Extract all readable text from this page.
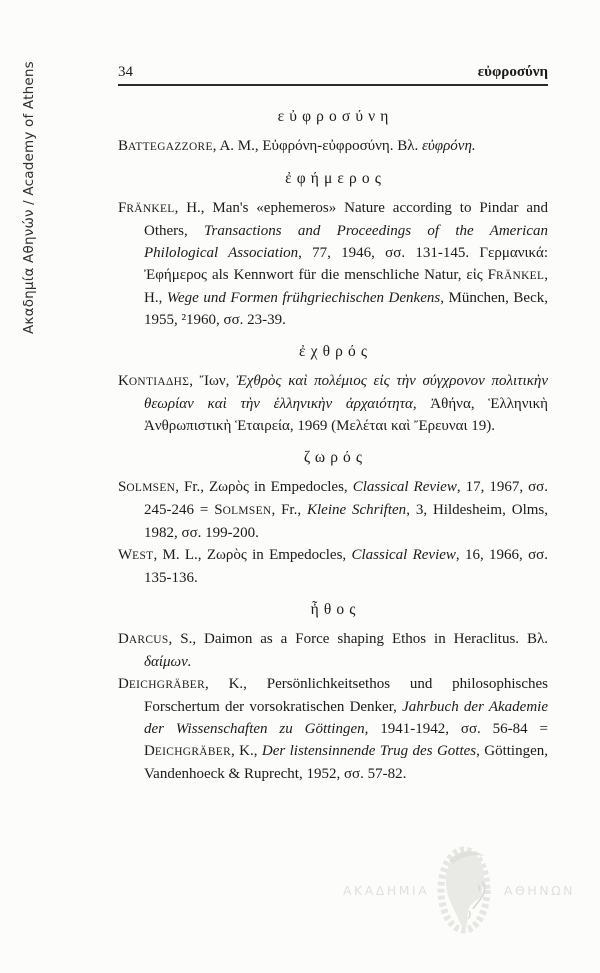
Ακαδημία Αθηνών / Academy of Athens	34	εὐφροσύνη
εὐφροσύνη

BATTEGAZZORE, A. M., Εὐφρόνη-εὐφροσύνη. Βλ. εὐφρόνη.

ἐφήμερος

FRÄNKEL, H., Man's «ephemeros» Nature according to Pindar and Others, Transactions and Proceedings of the American Philological Association, 77, 1946, σσ. 131-145. Γερμανικά: Ἐφήμερος als Kennwort für die menschliche Natur, εἰς FRÄNKEL, H., Wege und Formen frühgriechischen Denkens, München, Beck, 1955, ²1960, σσ. 23-39.

ἐχθρός

ΚΟΝΤΙΑΔΗΣ, Ἴων, Ἐχθρὸς καὶ πολέμιος εἰς τὴν σύγχρονον πολιτικὴν θεωρίαν καὶ τὴν ἑλληνικὴν ἀρχαιότητα, Ἀθήνα, Ἑλληνικὴ Ἀνθρωπιστικὴ Ἑταιρεία, 1969 (Μελέται καὶ Ἔρευναι 19).

ζωρός

SOLMSEN, Fr., Ζωρὸς in Empedocles, Classical Review, 17, 1967, σσ. 245-246 = SOLMSEN, Fr., Kleine Schriften, 3, Hildesheim, Olms, 1982, σσ. 199-200.

WEST, M. L., Ζωρὸς in Empedocles, Classical Review, 16, 1966, σσ. 135-136.

ἦθος

DARCUS, S., Daimon as a Force shaping Ethos in Heraclitus. Βλ. δαίμων.

DEICHGRÄBER, K., Persönlichkeitsethos und philosophisches Forschertum der vorsokratischen Denker, Jahrbuch der Akademie der Wissenschaften zu Göttingen, 1941-1942, σσ. 56-84 = DEICHGRÄBER, K., Der listensinnende Trug des Gottes, Göttingen, Vandenhoeck & Ruprecht, 1952, σσ. 57-82.

ΑΚΑΔΗΜΙΑ	ΑΘΗΝΩΝ
